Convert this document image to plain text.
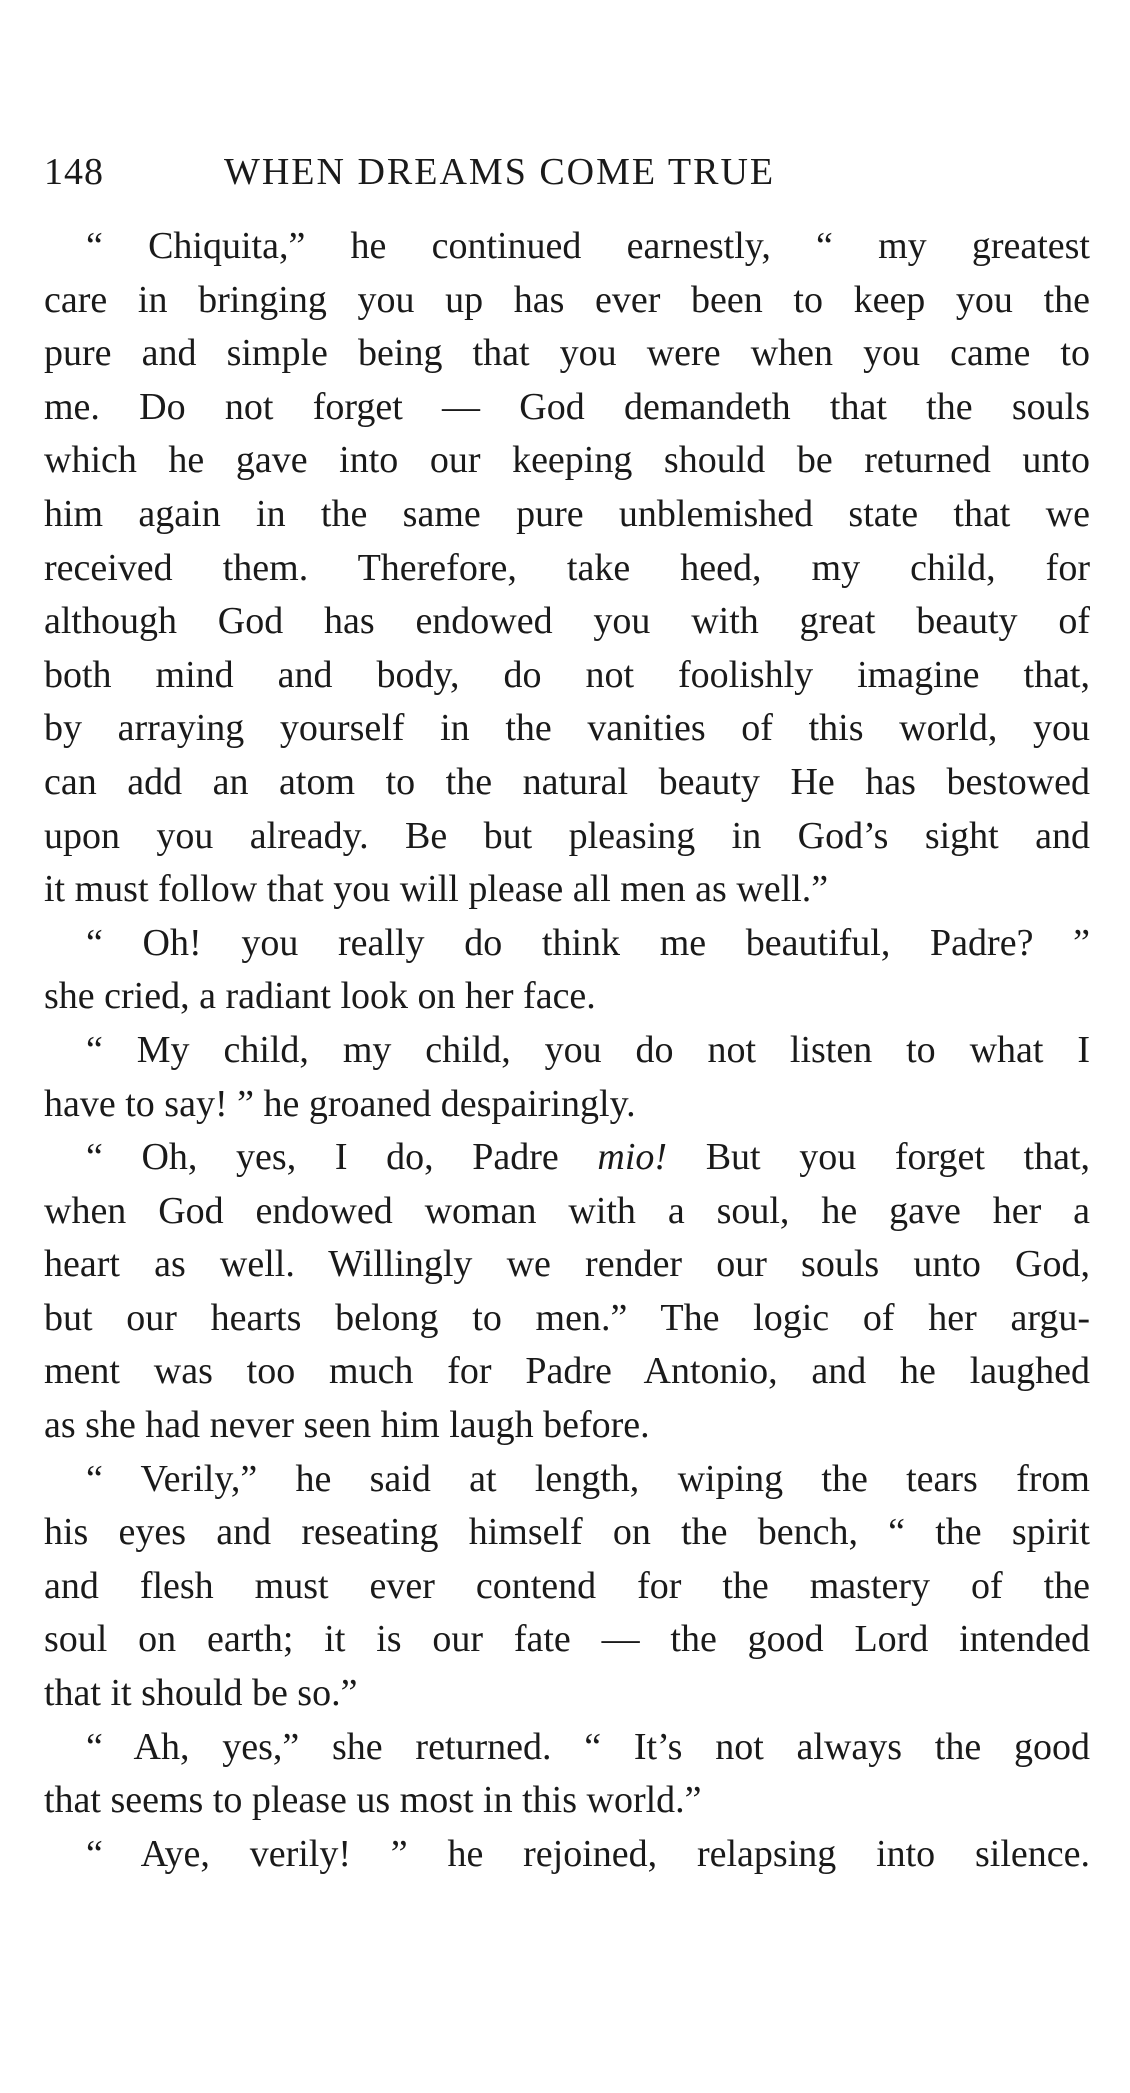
148	WHEN DREAMS COME TRUE
“ Chiquita,” he continued earnestly, “ my greatest
care in bringing you up has ever been to keep you the
pure and simple being that you were when you came to
me. Do not forget — God demandeth that the souls
which he gave into our keeping should be returned unto
him again in the same pure unblemished state that we
received them. Therefore, take heed, my child, for
although God has endowed you with great beauty of
both mind and body, do not foolishly imagine that,
by arraying yourself in the vanities of this world, you
can add an atom to the natural beauty He has bestowed
upon you already. Be but pleasing in God’s sight and
it must follow that you will please all men as well.”
“ Oh! you really do think me beautiful, Padre? ”
she cried, a radiant look on her face.
“ My child, my child, you do not listen to what I
have to say! ” he groaned despairingly.
“ Oh, yes, I do, Padre mio! But you forget that,
when God endowed woman with a soul, he gave her a
heart as well. Willingly we render our souls unto God,
but our hearts belong to men.” The logic of her argu-
ment was too much for Padre Antonio, and he laughed
as she had never seen him laugh before.
“ Verily,” he said at length, wiping the tears from
his eyes and reseating himself on the bench, “ the spirit
and flesh must ever contend for the mastery of the
soul on earth; it is our fate — the good Lord intended
that it should be so.”
“ Ah, yes,” she returned. “ It’s not always the good
that seems to please us most in this world.”
“ Aye, verily! ” he rejoined, relapsing into silence.
